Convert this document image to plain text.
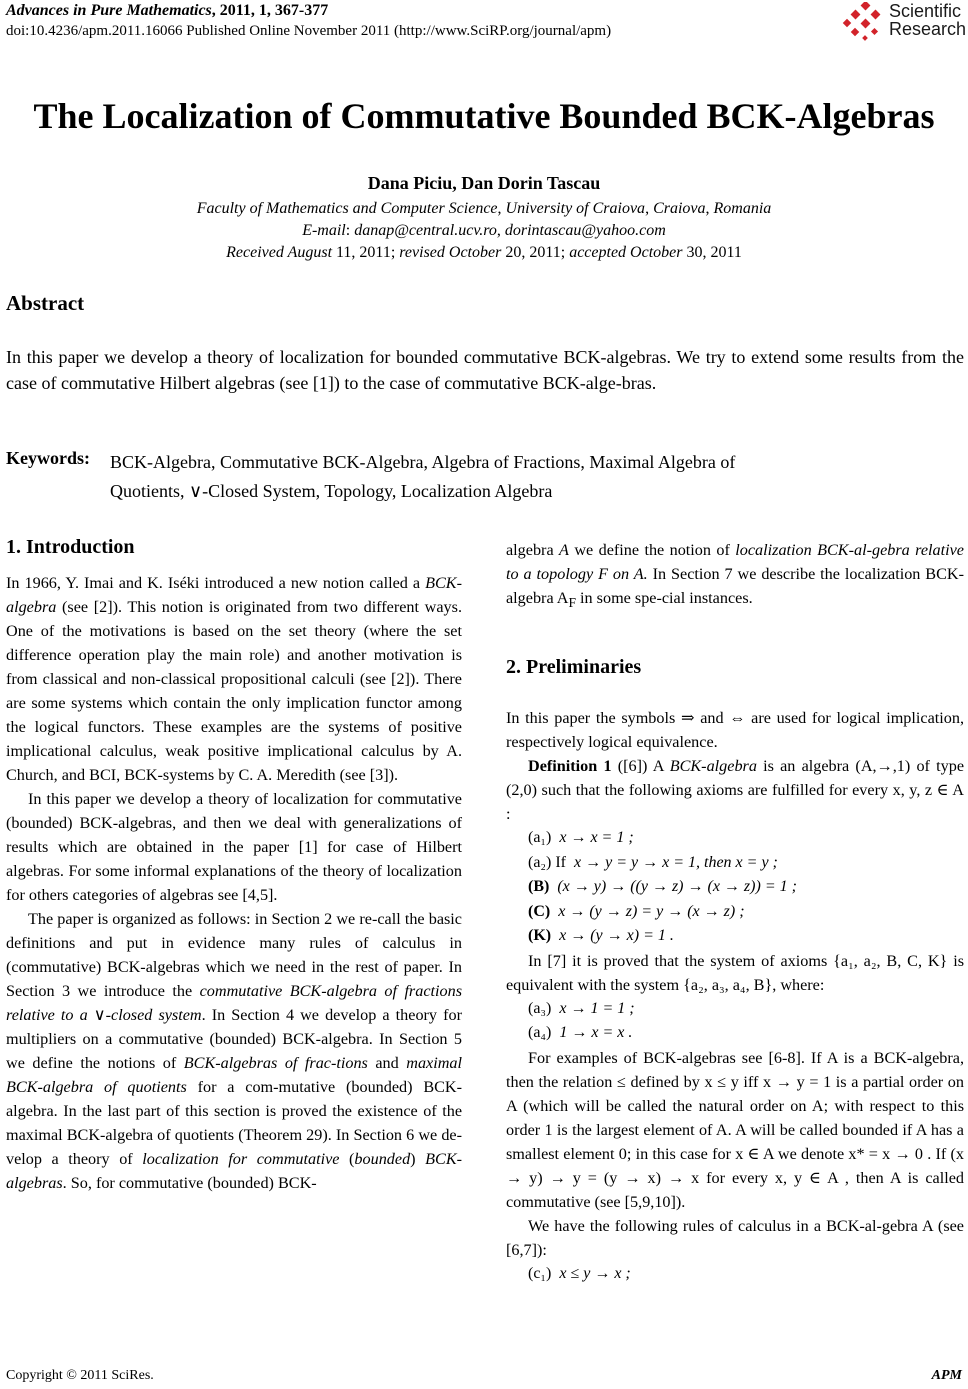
Advances in Pure Mathematics, 2011, 1, 367-377
doi:10.4236/apm.2011.16066 Published Online November 2011 (http://www.SciRP.org/journal/apm)
Scientific
Research
The Localization of Commutative Bounded BCK-Algebras
Dana Piciu, Dan Dorin Tascau
Faculty of Mathematics and Computer Science, University of Craiova, Craiova, Romania
E-mail: danap@central.ucv.ro, dorintascau@yahoo.com
Received August 11, 2011; revised October 20, 2011; accepted October 30, 2011
Abstract
In this paper we develop a theory of localization for bounded commutative BCK-algebras. We try to extend some results from the case of commutative Hilbert algebras (see [1]) to the case of commutative BCK-alge-bras.
Keywords: BCK-Algebra, Commutative BCK-Algebra, Algebra of Fractions, Maximal Algebra of
Quotients, ∨-Closed System, Topology, Localization Algebra
1. Introduction

In 1966, Y. Imai and K. Iséki introduced a new notion called a BCK-algebra (see [2]). This notion is originated from two different ways. One of the motivations is based on the set theory (where the set difference operation play the main role) and another motivation is from classical and non-classical propositional calculi (see [2]). There are some systems which contain the only implication functor among the logical functors. These examples are the systems of positive implicational calculus, weak positive implicational calculus by A. Church, and BCI, BCK-systems by C. A. Meredith (see [3]).

In this paper we develop a theory of localization for commutative (bounded) BCK-algebras, and then we deal with generalizations of results which are obtained in the paper [1] for case of Hilbert algebras. For some informal explanations of the theory of localization for others categories of algebras see [4,5].

The paper is organized as follows: in Section 2 we re-call the basic definitions and put in evidence many rules of calculus in (commutative) BCK-algebras which we need in the rest of paper. In Section 3 we introduce the commutative BCK-algebra of fractions relative to a ∨-closed system. In Section 4 we develop a theory for multipliers on a commutative (bounded) BCK-algebra. In Section 5 we define the notions of BCK-algebras of frac-tions and maximal BCK-algebra of quotients for a com-mutative (bounded) BCK-algebra. In the last part of this section is proved the existence of the maximal BCK-algebra of quotients (Theorem 29). In Section 6 we de-velop a theory of localization for commutative (bounded) BCK-algebras. So, for commutative (bounded) BCK-

algebra A we define the notion of localization BCK-al-gebra relative to a topology F on A. In Section 7 we describe the localization BCK-algebra $A_F$ in some spe-cial instances.

2. Preliminaries

In this paper the symbols ⇒ and ⇔ are used for logical implication, respectively logical equivalence.

Definition 1 ([6]) A BCK-algebra is an algebra (A,→,1) of type (2,0) such that the following axioms are fulfilled for every x, y, z ∈ A :

(a₁) x → x = 1 ;
(a₂) If x → y = y → x = 1, then x = y ;
(B) (x → y) → ((y → z) → (x → z)) = 1 ;
(C) x → (y → z) = y → (x → z) ;
(K) x → (y → x) = 1 .

In [7] it is proved that the system of axioms {a₁, a₂, B, C, K} is equivalent with the system {a₂, a₃, a₄, B}, where:

(a₃) x → 1 = 1 ;
(a₄) 1 → x = x .

For examples of BCK-algebras see [6-8]. If A is a BCK-algebra, then the relation ≤ defined by x ≤ y iff x → y = 1 is a partial order on A (which will be called the natural order on A; with respect to this order 1 is the largest element of A. A will be called bounded if A has a smallest element 0; in this case for x ∈ A we denote x* = x → 0 . If (x → y) → y = (y → x) → x for every x, y ∈ A , then A is called commutative (see [5,9,10]).

We have the following rules of calculus in a BCK-al-gebra A (see [6,7]):

(c₁) x ≤ y → x ;
Copyright © 2011 SciRes.	APM
